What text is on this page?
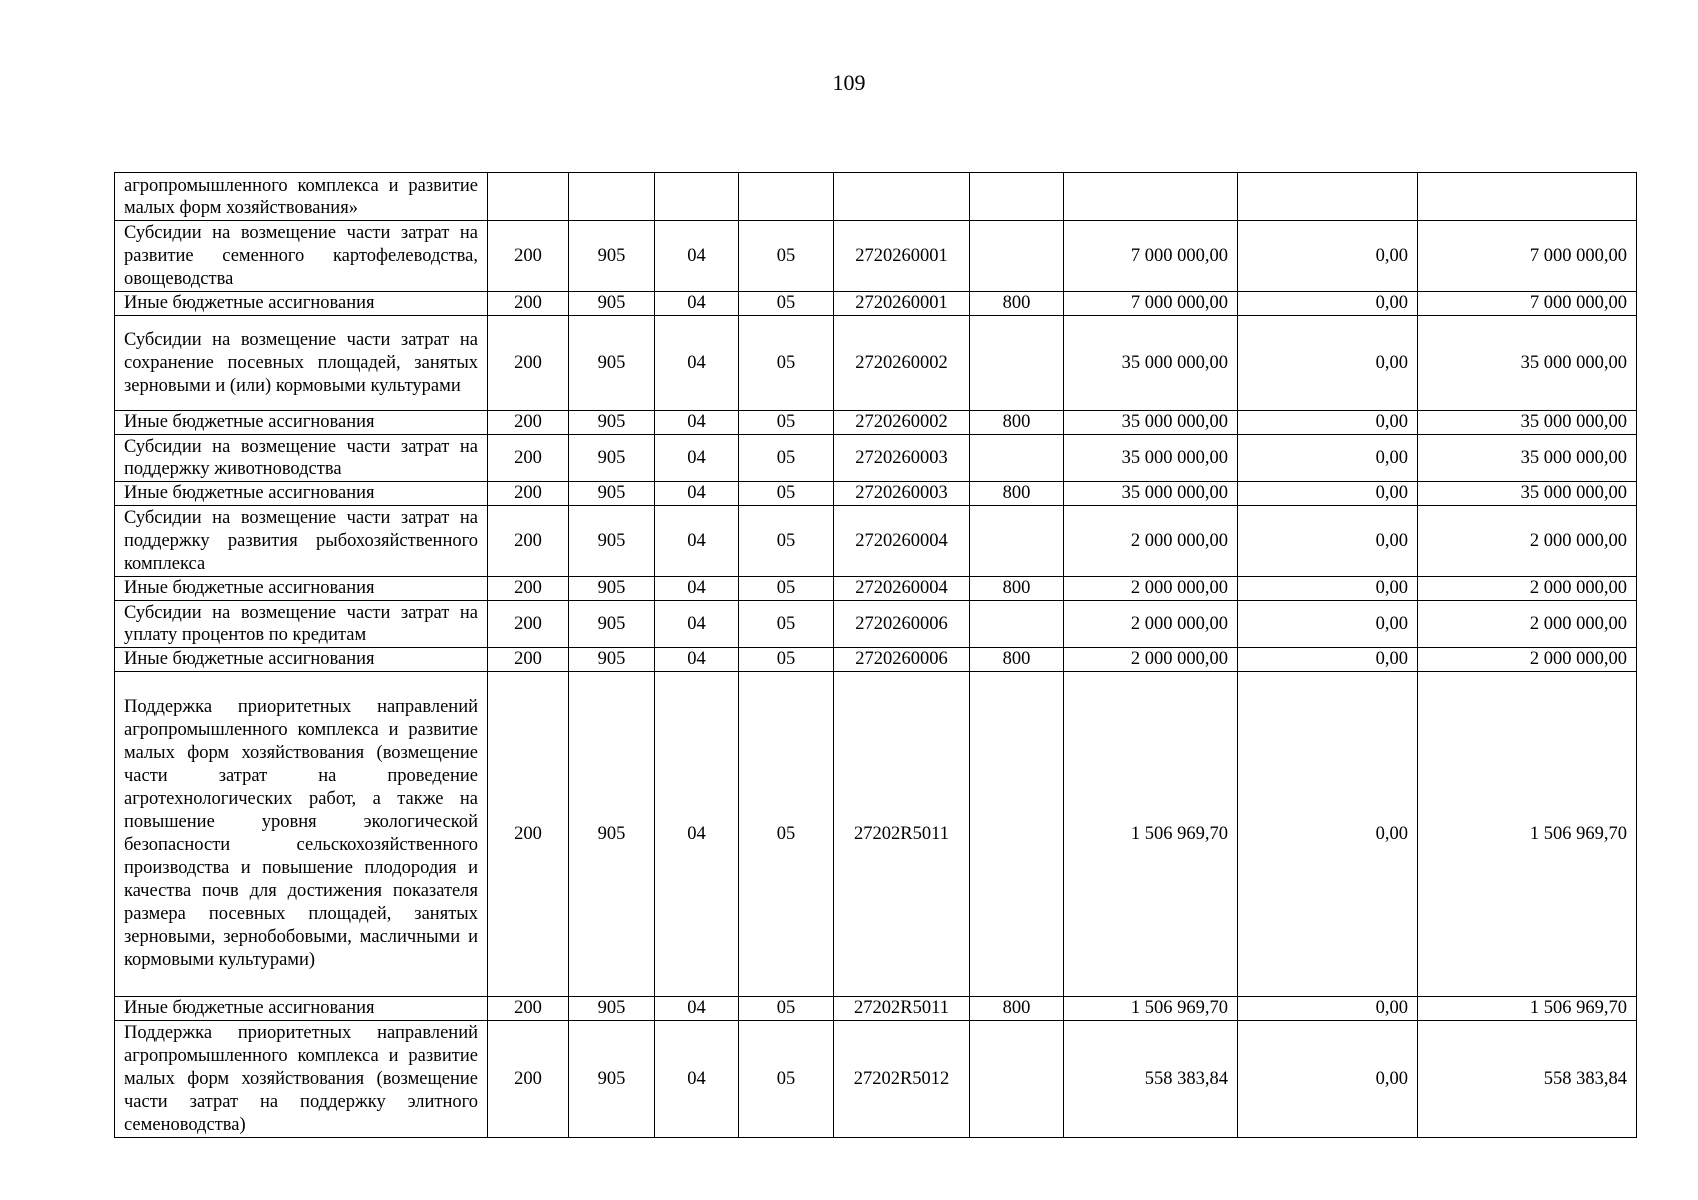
109
агропромышленного комплекса и развитие малых форм хозяйствования»									
Субсидии на возмещение части затрат на развитие семенного картофелеводства, овощеводства	200	905	04	05	2720260001		7 000 000,00	0,00	7 000 000,00
Иные бюджетные ассигнования	200	905	04	05	2720260001	800	7 000 000,00	0,00	7 000 000,00
Субсидии на возмещение части затрат на сохранение посевных площадей, занятых зерновыми и (или) кормовыми культурами	200	905	04	05	2720260002		35 000 000,00	0,00	35 000 000,00
Иные бюджетные ассигнования	200	905	04	05	2720260002	800	35 000 000,00	0,00	35 000 000,00
Субсидии на возмещение части затрат на поддержку животноводства	200	905	04	05	2720260003		35 000 000,00	0,00	35 000 000,00
Иные бюджетные ассигнования	200	905	04	05	2720260003	800	35 000 000,00	0,00	35 000 000,00
Субсидии на возмещение части затрат на поддержку развития рыбохозяйственного комплекса	200	905	04	05	2720260004		2 000 000,00	0,00	2 000 000,00
Иные бюджетные ассигнования	200	905	04	05	2720260004	800	2 000 000,00	0,00	2 000 000,00
Субсидии на возмещение части затрат на уплату процентов по кредитам	200	905	04	05	2720260006		2 000 000,00	0,00	2 000 000,00
Иные бюджетные ассигнования	200	905	04	05	2720260006	800	2 000 000,00	0,00	2 000 000,00
Поддержка приоритетных направлений агропромышленного комплекса и развитие малых форм хозяйствования (возмещение части затрат на проведение агротехнологических работ, а также на повышение уровня экологической безопасности сельскохозяйственного производства и повышение плодородия и качества почв для достижения показателя размера посевных площадей, занятых зерновыми, зернобобовыми, масличными и кормовыми культурами)	200	905	04	05	27202R5011		1 506 969,70	0,00	1 506 969,70
Иные бюджетные ассигнования	200	905	04	05	27202R5011	800	1 506 969,70	0,00	1 506 969,70
Поддержка приоритетных направлений агропромышленного комплекса и развитие малых форм хозяйствования (возмещение части затрат на поддержку элитного семеноводства)	200	905	04	05	27202R5012		558 383,84	0,00	558 383,84
